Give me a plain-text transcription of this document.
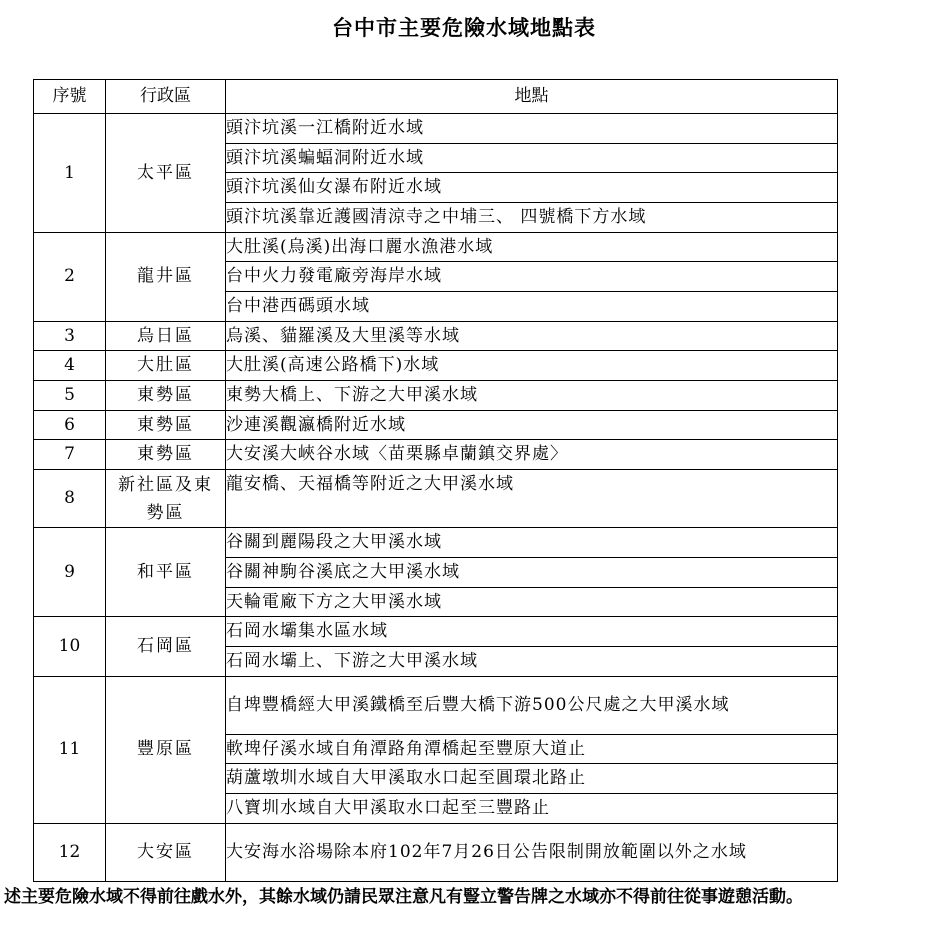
台中市主要危險水域地點表
序號	行政區	地點
1	太平區	頭汴坑溪一江橋附近水域
		頭汴坑溪蝙蝠洞附近水域
		頭汴坑溪仙女瀑布附近水域
		頭汴坑溪靠近護國清涼寺之中埔三、 四號橋下方水域
2	龍井區	大肚溪(烏溪)出海口麗水漁港水域
		台中火力發電廠旁海岸水域
		台中港西碼頭水域
3	烏日區	烏溪、貓羅溪及大里溪等水域
4	大肚區	大肚溪(高速公路橋下)水域
5	東勢區	東勢大橋上、下游之大甲溪水域
6	東勢區	沙連溪觀瀛橋附近水域
7	東勢區	大安溪大峽谷水域〈苗栗縣卓蘭鎮交界處〉
8	新社區及東勢區	龍安橋、天福橋等附近之大甲溪水域
9	和平區	谷關到麗陽段之大甲溪水域
		谷關神駒谷溪底之大甲溪水域
		天輪電廠下方之大甲溪水域
10	石岡區	石岡水壩集水區水域
		石岡水壩上、下游之大甲溪水域
11	豐原區	自埤豐橋經大甲溪鐵橋至后豐大橋下游500公尺處之大甲溪水域
		軟埤仔溪水域自角潭路角潭橋起至豐原大道止
		葫蘆墩圳水域自大甲溪取水口起至圓環北路止
		八寶圳水域自大甲溪取水口起至三豐路止
12	大安區	大安海水浴場除本府102年7月26日公告限制開放範圍以外之水域
述主要危險水域不得前往戲水外，其餘水域仍請民眾注意凡有豎立警告牌之水域亦不得前往從事遊憩活動。
